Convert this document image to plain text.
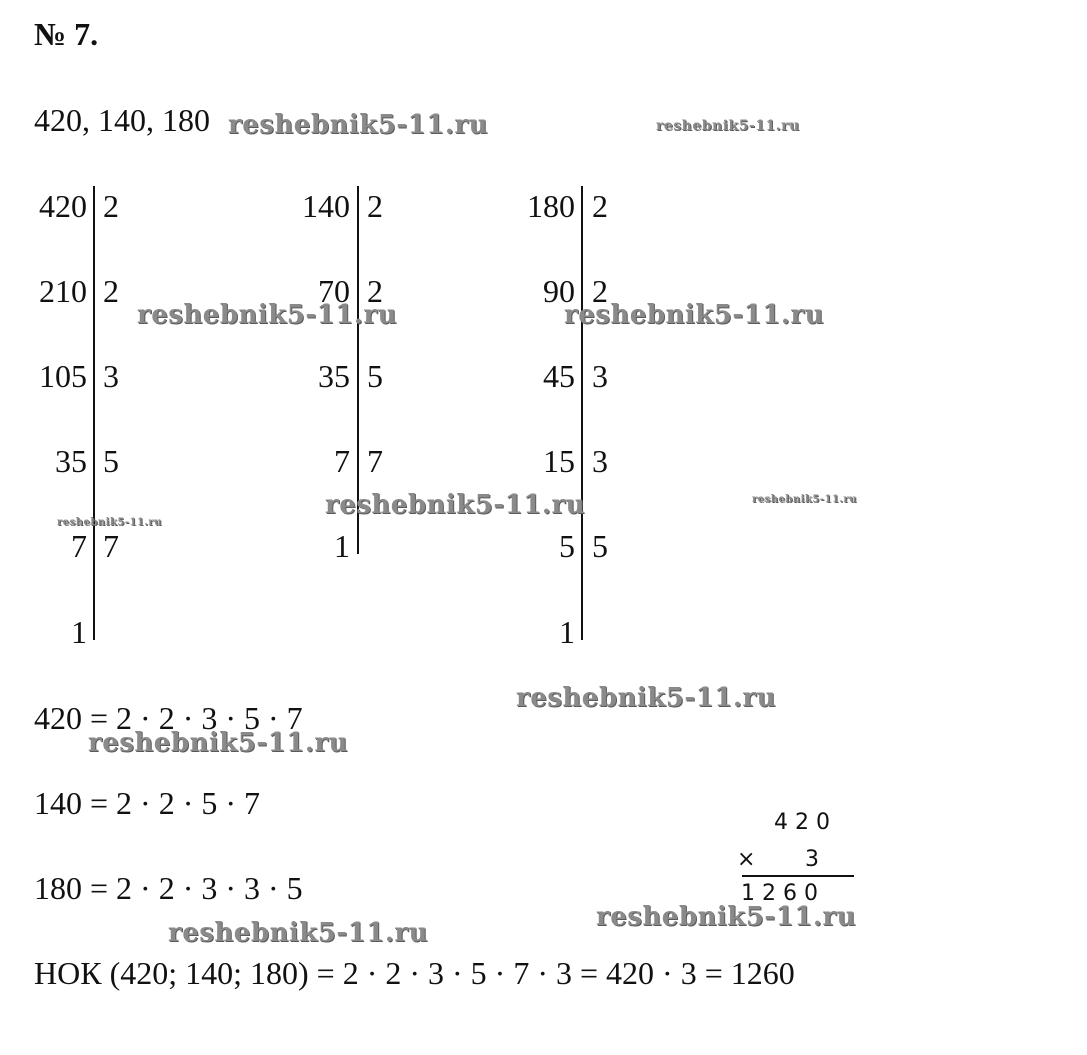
№ 7.
420, 140, 180
420 2
210 2
105 3
35 5
7 7
1
140 2
70 2
35 5
7 7
1
180 2
90 2
45 3
15 3
5 5
1
420 = 2 · 2 · 3 · 5 · 7
140 = 2 · 2 · 5 · 7
180 = 2 · 2 · 3 · 3 · 5
НОК (420; 140; 180) = 2 · 2 · 3 · 5 · 7 · 3 = 420 · 3 = 1260
4 2 0
× 3
1 2 6 0
reshebnik5-11.ru	reshebnik5-11.ru
reshebnik5-11.ru	reshebnik5-11.ru
reshebnik5-11.ru	reshebnik5-11.ru
reshebnik5-11.ru
reshebnik5-11.ru
reshebnik5-11.ru
reshebnik5-11.ru
reshebnik5-11.ru
